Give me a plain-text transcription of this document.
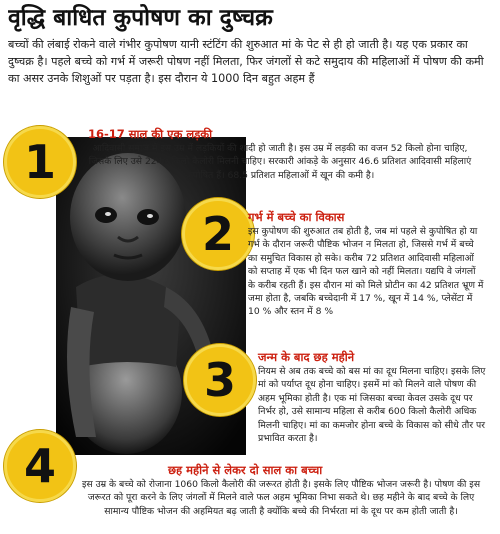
वृद्धि बाधित कुपोषण का दुष्चक्र
बच्चों की लंबाई रोकने वाले गंभीर कुपोषण यानी स्टंटिंग की शुरुआत मां के पेट से ही हो जाती है। यह एक प्रकार का दुष्चक्र है। पहले बच्चे को गर्भ में जरूरी पोषण नहीं मिलता, फिर जंगलों से कटे समुदाय की महिलाओं में पोषण की कमी का असर उनके शिशुओं पर पड़ता है। इस दौरान ये 1000 दिन बहुत अहम हैं
1
16-17 साल की एक लड़की
आदिवासी समाज में इस उम्र में लड़कियों की शादी हो जाती है। इस उम्र में लड़की का वजन 52 किलो होना चाहिए, जिसके लिए उसे 2240 किलो कैलोरी मिलनी चाहिए। सरकारी आंकड़े के अनुसार 46.6 प्रतिशत आदिवासी महिलाएं कुपोषित हैं। 68.5 प्रतिशत महिलाओं में खून की कमी है।
2	गर्भ में बच्चे का विकास
इस कुपोषण की शुरुआत तब होती है, जब मां पहले से कुपोषित हो या गर्भ के दौरान जरूरी पौष्टिक भोजन न मिलता हो, जिससे गर्भ में बच्चे का समुचित विकास हो सके। करीब 72 प्रतिशत आदिवासी महिलाओं को सप्ताह में एक भी दिन फल खाने को नहीं मिलता। यद्यपि वे जंगलों के करीब रहती हैं। इस दौरान मां को मिले प्रोटीन का 42 प्रतिशत भ्रूण में जमा होता है, जबकि बच्चेदानी में 17 %, खून में 14 %, प्लेसेंटा में 10 % और स्तन में 8 %
3	जन्म के बाद छह महीने
नियम से अब तक बच्चे को बस मां का दूध मिलना चाहिए। इसके लिए मां को पर्याप्त दूध होना चाहिए। इसमें मां को मिलने वाले पोषण की अहम भूमिका होती है। एक मां जिसका बच्चा केवल उसके दूध पर निर्भर हो, उसे सामान्य महिला से करीब 600 किलो कैलोरी अधिक मिलनी चाहिए। मां का कमजोर होना बच्चे के विकास को सीधे तौर पर प्रभावित करता है।
4	छह महीने से लेकर दो साल का बच्चा
इस उम्र के बच्चे को रोजाना 1060 किलो कैलोरी की जरूरत होती है। इसके लिए पौष्टिक भोजन जरूरी है। पोषण की इस जरूरत को पूरा करने के लिए जंगलों में मिलने वाले फल अहम भूमिका निभा सकते थे। छह महीने के बाद बच्चे के लिए सामान्य पौष्टिक भोजन की अहमियत बढ़ जाती है क्योंकि बच्चे की निर्भरता मां के दूध पर कम होती जाती है।
